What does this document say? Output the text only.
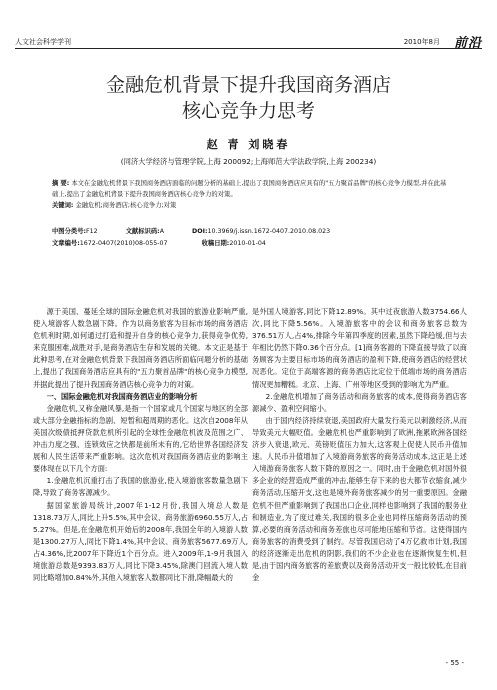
人文社会科学学刊	2010年8月 前沿
金融危机背景下提升我国商务酒店
核心竞争力思考
赵 青 刘晓春
(同济大学经济与管理学院,上海 200092;上海师范大学法政学院,上海 200234)
摘 要: 本文在金融危机背景下我国商务酒店面临的问题分析的基础上,提出了我国商务酒店应具有的"五力聚首品牌"的核心竞争力模型,并在此基础上,提出了金融危机背景下提升我国商务酒店核心竞争力的对策。
关键词: 金融危机;商务酒店;核心竞争力;对策
中图分类号:F12	文献标识码:A	DOI:10.3969/j.issn.1672-0407.2010.08.023
文章编号:1672-0407(2010)08-055-07	收稿日期:2010-01-04

源于美国、蔓延全球的国际金融危机对我国的旅游业影响严重,使入境游客人数急剧下降。作为以商务旅客为目标市场的商务酒店危机利时期,如何通过打造和提升自身的核心竞争力,获得竞争优势,来克服困难,战胜对手,是商务酒店生存和发展的关键。本文正是基于此种思考,在对金融危机背景下我国商务酒店所面临问题分析的基础上,提出了我国商务酒店应具有的"五力聚首品牌"的核心竞争力模型,并据此提出了提升我国商务酒店核心竞争力的对策。

一、国际金融危机对我国商务酒店业的影响分析

金融危机,又称金融风暴,是指一个国家或几个国家与地区的全部或大部分金融指标的急剧、短暂和超周期的恶化。这次自2008年从美国次级债抵押贷款危机所引起的全球性金融危机波及范围之广、冲击力度之强、连锁效应之快都是前所未有的,它给世界各国经济发展和人民生活带来严重影响。这次危机对我国商务酒店业的影响主要体现在以下几个方面:

1.金融危机沉重打击了我国的旅游业,使入境游旅客数量急剧下降,导致了商务客源减少。

据国家旅游局统计,2007年1-12月份,我国入境总人数是1318.73万人,同比上升5.5%,其中会议、商务旅游6960.55万人,占5.27%。但是,在金融危机开始后的2008年,我国全年的入境游人数是1300.27万人,同比下降1.4%,其中会议、商务旅客5677.69万人,占4.36%,比2007年下降近1个百分点。进入2009年,1-9月我国入境旅游总数是9393.83万人,同比下降3.45%,除澳门回流入境人数同比略增加0.84%外,其他入境旅客人数都同比下滑,降幅最大的

是外国人境游客,同比下降12.89%。其中过夜旅游人数3754.66人次,同比下降5.56%。入境游旅客中的会议和商务旅客总数为376.51万人,占4%,排除今年第四季度的因素,虽然下降趋缓,但与去年相比仍然下降0.36个百分点。[1]商务客源的下降直接导致了以商务顾客为主要目标市场的商务酒店的盈利下降,使商务酒店的经营状况恶化。定位于高端客源的商务酒店比定位于低端市场的商务酒店情况更加糟糕。北京、上海、广州等地区受到的影响尤为严重。

2.金融危机增加了商务活动和商务旅客的成本,使得商务酒店客源减少、盈利空间缩小。

由于国内经济持续衰退,美国政府大量发行美元以刺激经济,从而导致美元大幅贬值。金融危机也严重影响到了欧洲,拖累欧洲各国经济步入衰退,欧元、英镑贬值压力加大,这客观上促使人民币升值加速。人民币升值增加了入境游商务旅客的商务活动成本,这正是上述入境游商务旅客人数下降的原因之一。同时,由于金融危机对国外很多企业的经营造成严重的冲击,能够生存下来的也大都节衣缩食,减少商务活动,压缩开支,这也是境外商务旅客减少的另一重要原因。金融危机不但严重影响到了我国出口企业,同样也影响到了我国的服务业和制造业,为了度过难关,我国的很多企业也同样压缩商务活动的预算,必要的商务活动和商务差旅也尽可能地压缩和节省。这使得国内商务旅客的消费受到了制约。尽管我国启动了4万亿救市计划,我国的经济逐渐走出危机的阴影,我们的不少企业也在逐渐恢复生机,但是,由于国内商务旅客的差旅费以及商务活动开支一般比较低,在目前金

- 55 -
